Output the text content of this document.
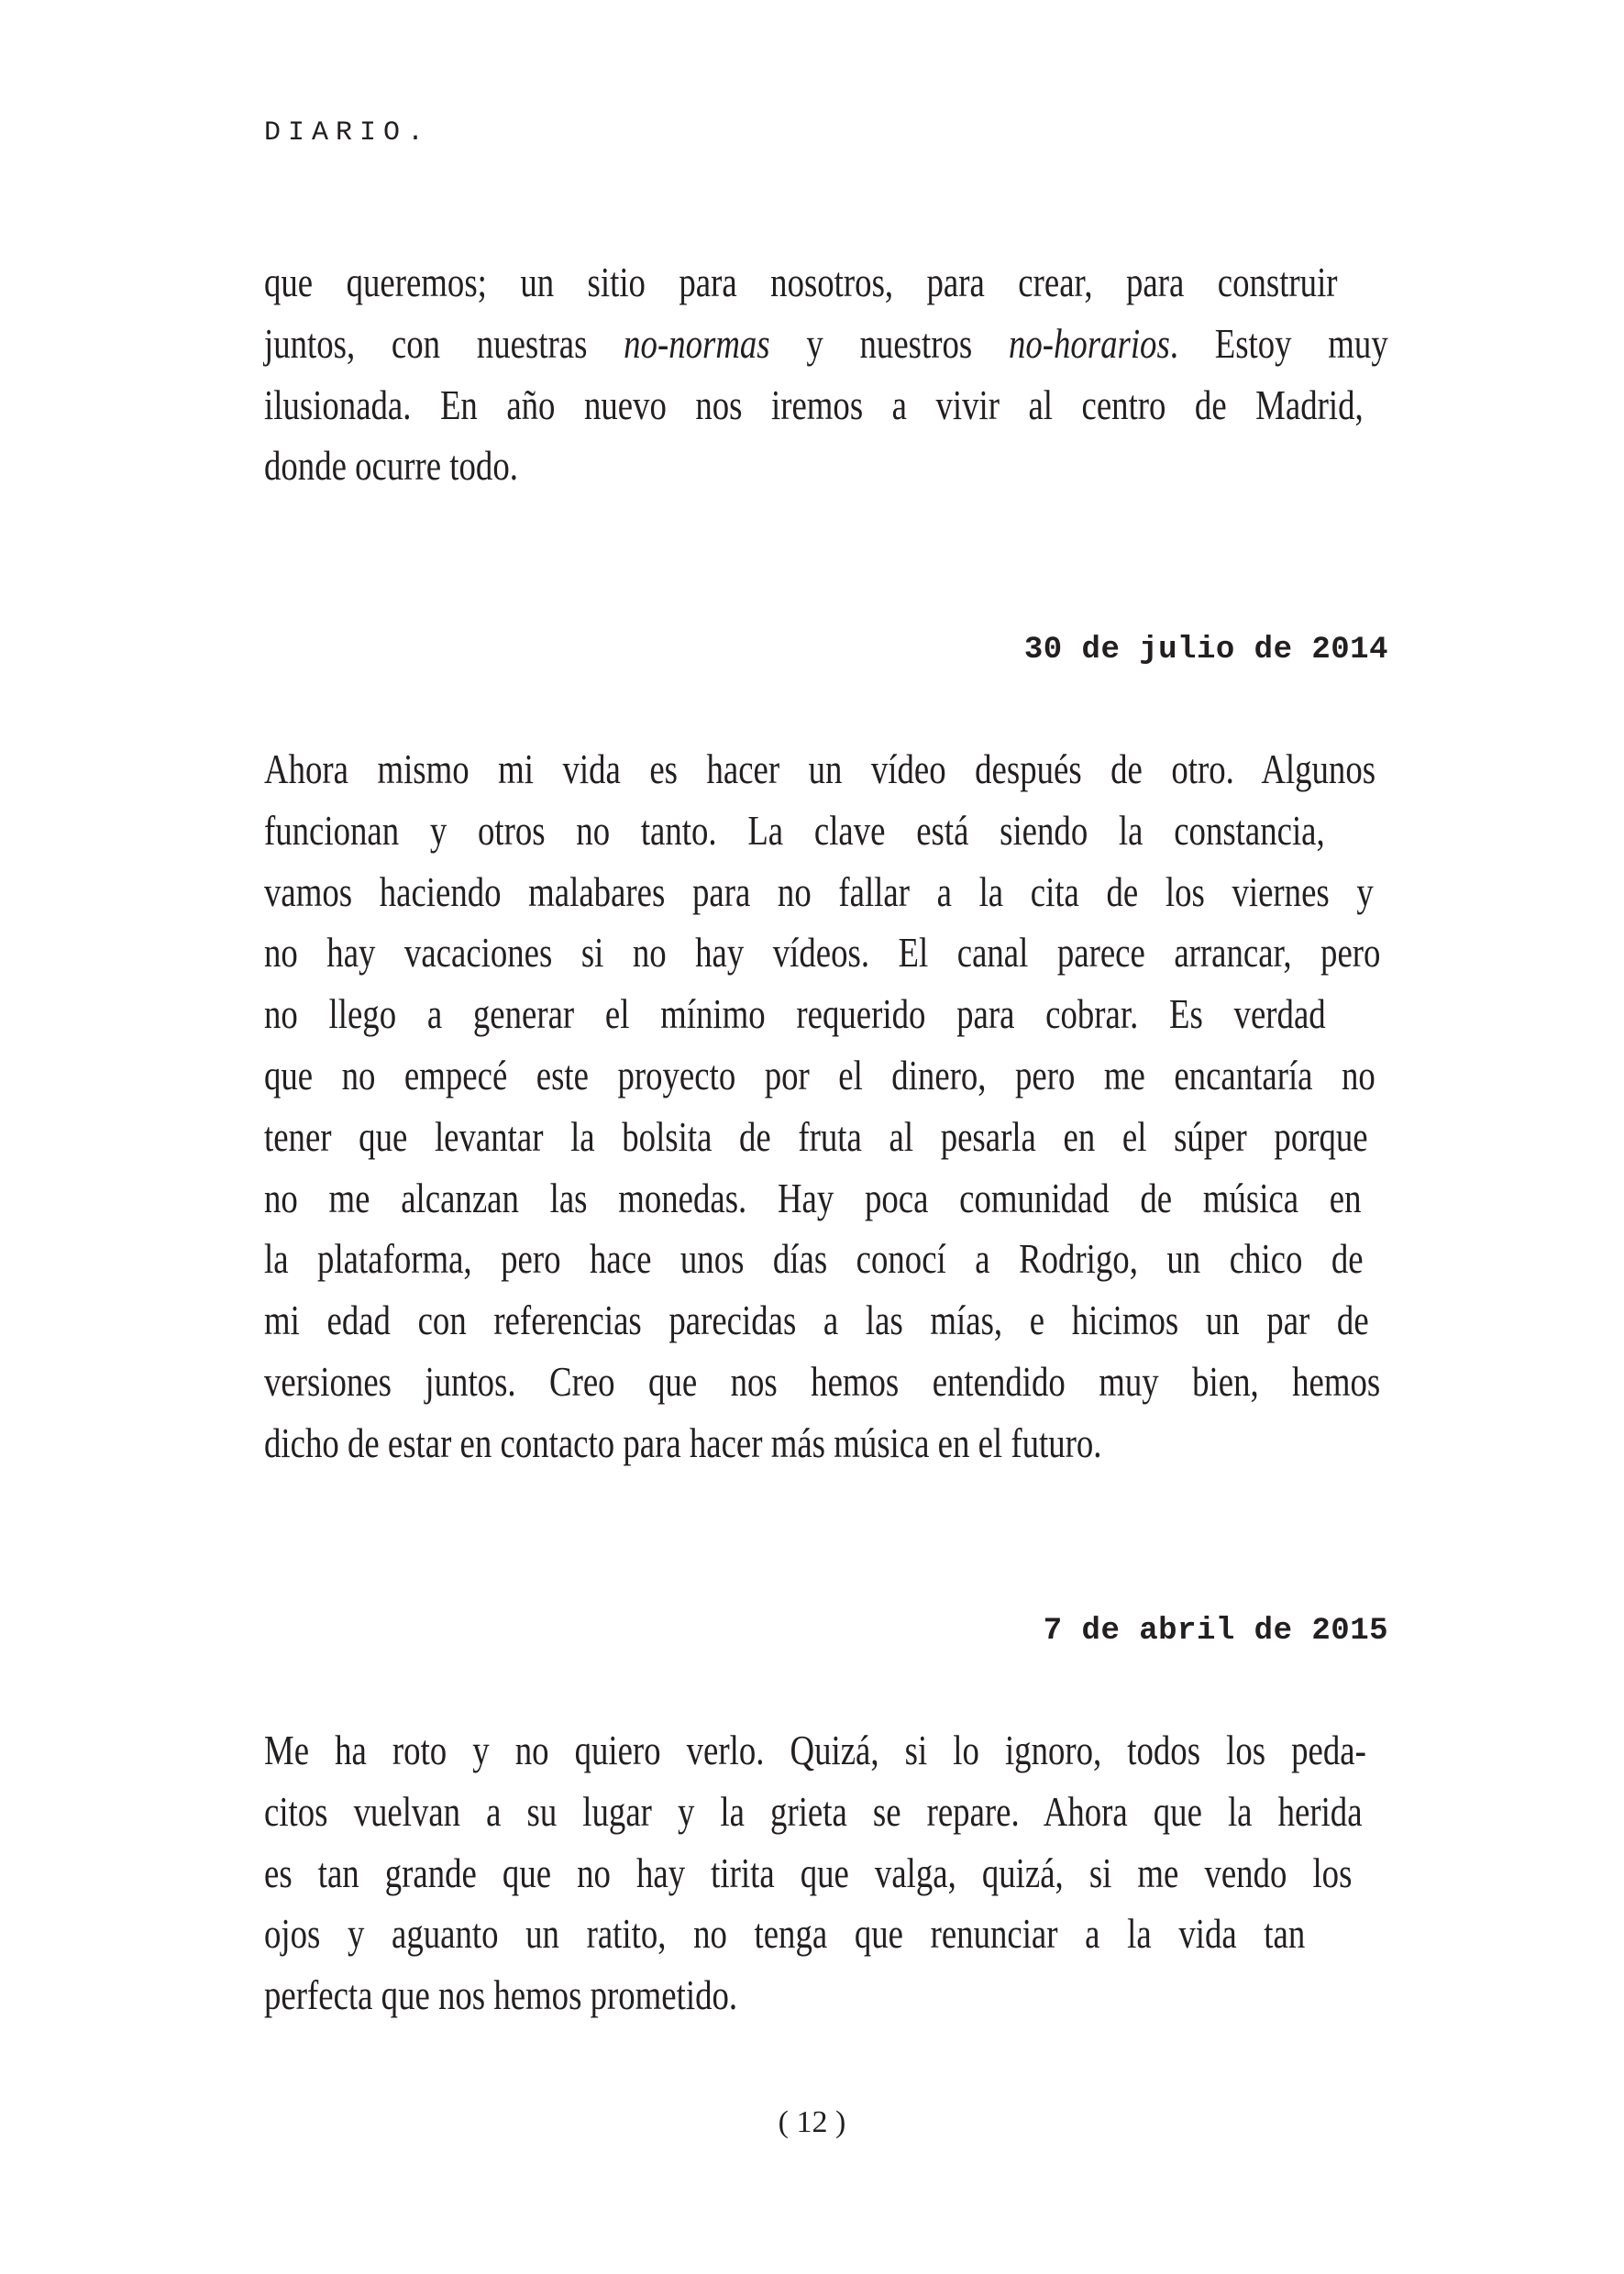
DIARIO.
que queremos; un sitio para nosotros, para crear, para construir
juntos, con nuestras no-normas y nuestros no-horarios. Estoy muy
ilusionada. En año nuevo nos iremos a vivir al centro de Madrid,
donde ocurre todo.
30 de julio de 2014
Ahora mismo mi vida es hacer un vídeo después de otro. Algunos
funcionan y otros no tanto. La clave está siendo la constancia,
vamos haciendo malabares para no fallar a la cita de los viernes y
no hay vacaciones si no hay vídeos. El canal parece arrancar, pero
no llego a generar el mínimo requerido para cobrar. Es verdad
que no empecé este proyecto por el dinero, pero me encantaría no
tener que levantar la bolsita de fruta al pesarla en el súper porque
no me alcanzan las monedas. Hay poca comunidad de música en
la plataforma, pero hace unos días conocí a Rodrigo, un chico de
mi edad con referencias parecidas a las mías, e hicimos un par de
versiones juntos. Creo que nos hemos entendido muy bien, hemos
dicho de estar en contacto para hacer más música en el futuro.
7 de abril de 2015
Me ha roto y no quiero verlo. Quizá, si lo ignoro, todos los peda-
citos vuelvan a su lugar y la grieta se repare. Ahora que la herida
es tan grande que no hay tirita que valga, quizá, si me vendo los
ojos y aguanto un ratito, no tenga que renunciar a la vida tan
perfecta que nos hemos prometido.
( 12 )
